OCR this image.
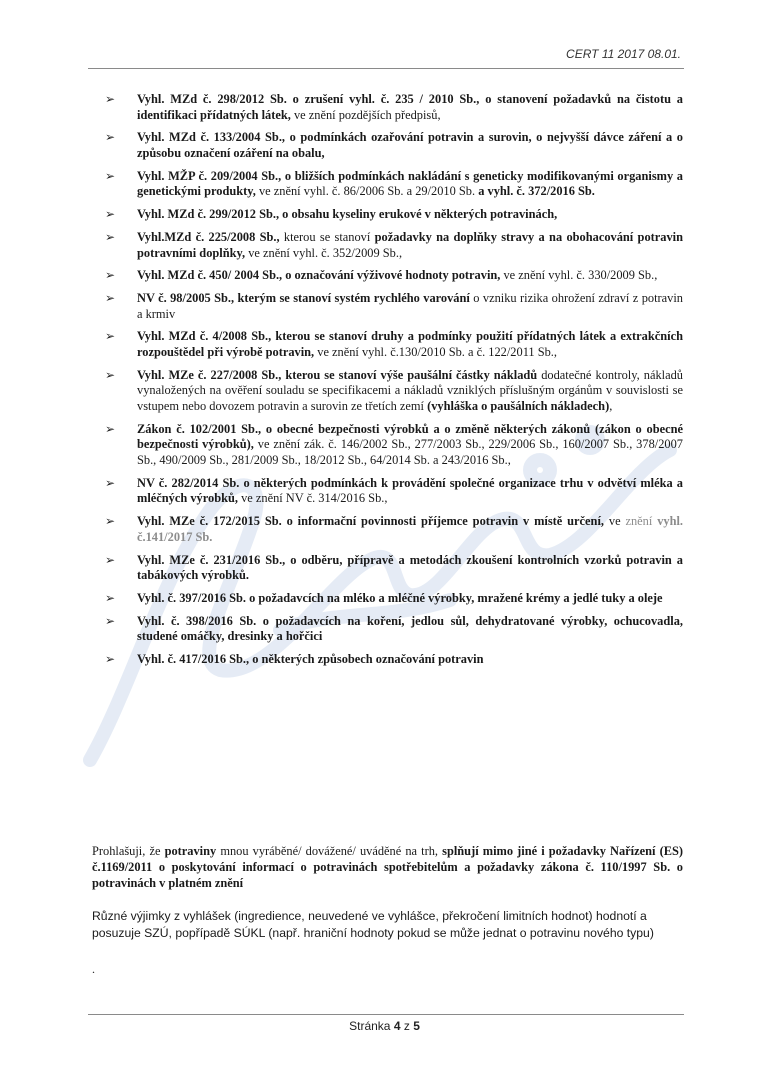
CERT 11 2017 08.01.
➢ Vyhl. MZd č. 298/2012 Sb. o zrušení vyhl. č. 235 / 2010 Sb., o stanovení požadavků na čistotu a identifikaci přídatných látek, ve znění pozdějších předpisů,
➢ Vyhl. MZd č. 133/2004 Sb., o podmínkách ozařování potravin a surovin, o nejvyšší dávce záření a o způsobu označení ozáření na obalu,
➢ Vyhl. MŽP č. 209/2004 Sb., o bližších podmínkách nakládání s geneticky modifikovanými organismy a genetickými produkty, ve znění vyhl. č. 86/2006 Sb. a 29/2010 Sb. a vyhl. č. 372/2016 Sb.
➢ Vyhl. MZd č. 299/2012 Sb., o obsahu kyseliny erukové v některých potravinách,
➢ Vyhl.MZd č. 225/2008 Sb., kterou se stanoví požadavky na doplňky stravy a na obohacování potravin potravními doplňky, ve znění vyhl. č. 352/2009 Sb.,
➢ Vyhl. MZd č. 450/ 2004 Sb., o označování výživové hodnoty potravin, ve znění vyhl. č. 330/2009 Sb.,
➢ NV č. 98/2005 Sb., kterým se stanoví systém rychlého varování o vzniku rizika ohrožení zdraví z potravin a krmiv
➢ Vyhl. MZd č. 4/2008 Sb., kterou se stanoví druhy a podmínky použití přídatných látek a extrakčních rozpouštědel při výrobě potravin, ve znění vyhl. č.130/2010 Sb. a č. 122/2011 Sb.,
➢ Vyhl. MZe č. 227/2008 Sb., kterou se stanoví výše paušální částky nákladů dodatečné kontroly, nákladů vynaložených na ověření souladu se specifikacemi a nákladů vzniklých příslušným orgánům v souvislosti se vstupem nebo dovozem potravin a surovin ze třetích zemí (vyhláška o paušálních nákladech),
➢ Zákon č. 102/2001 Sb., o obecné bezpečnosti výrobků a o změně některých zákonů (zákon o obecné bezpečnosti výrobků), ve znění zák. č. 146/2002 Sb., 277/2003 Sb., 229/2006 Sb., 160/2007 Sb., 378/2007 Sb., 490/2009 Sb., 281/2009 Sb., 18/2012 Sb., 64/2014 Sb. a 243/2016 Sb.,
➢ NV č. 282/2014 Sb. o některých podmínkách k provádění společné organizace trhu v odvětví mléka a mléčných výrobků, ve znění NV č. 314/2016 Sb.,
➢ Vyhl. MZe č. 172/2015 Sb. o informační povinnosti příjemce potravin v místě určení, ve znění vyhl. č.141/2017 Sb.
➢ Vyhl. MZe č. 231/2016 Sb., o odběru, přípravě a metodách zkoušení kontrolních vzorků potravin a tabákových výrobků.
➢ Vyhl. č. 397/2016 Sb. o požadavcích na mléko a mléčné výrobky, mražené krémy a jedlé tuky a oleje
➢ Vyhl. č. 398/2016 Sb. o požadavcích na koření, jedlou sůl, dehydratované výrobky, ochucovadla, studené omáčky, dresinky a hořčici
➢ Vyhl. č. 417/2016 Sb., o některých způsobech označování potravin

Prohlašuji, že potraviny mnou vyráběné/ dovážené/ uváděné na trh, splňují mimo jiné i požadavky Nařízení (ES) č.1169/2011 o poskytování informací o potravinách spotřebitelům a požadavky zákona č. 110/1997 Sb. o potravinách v platném znění

Různé výjimky z vyhlášek (ingredience, neuvedené ve vyhlášce, překročení limitních hodnot) hodnotí a posuzuje SZÚ, popřípadě SÚKL (např. hraniční hodnoty pokud se může jednat o potravinu nového typu)

.
Stránka 4 z 5
